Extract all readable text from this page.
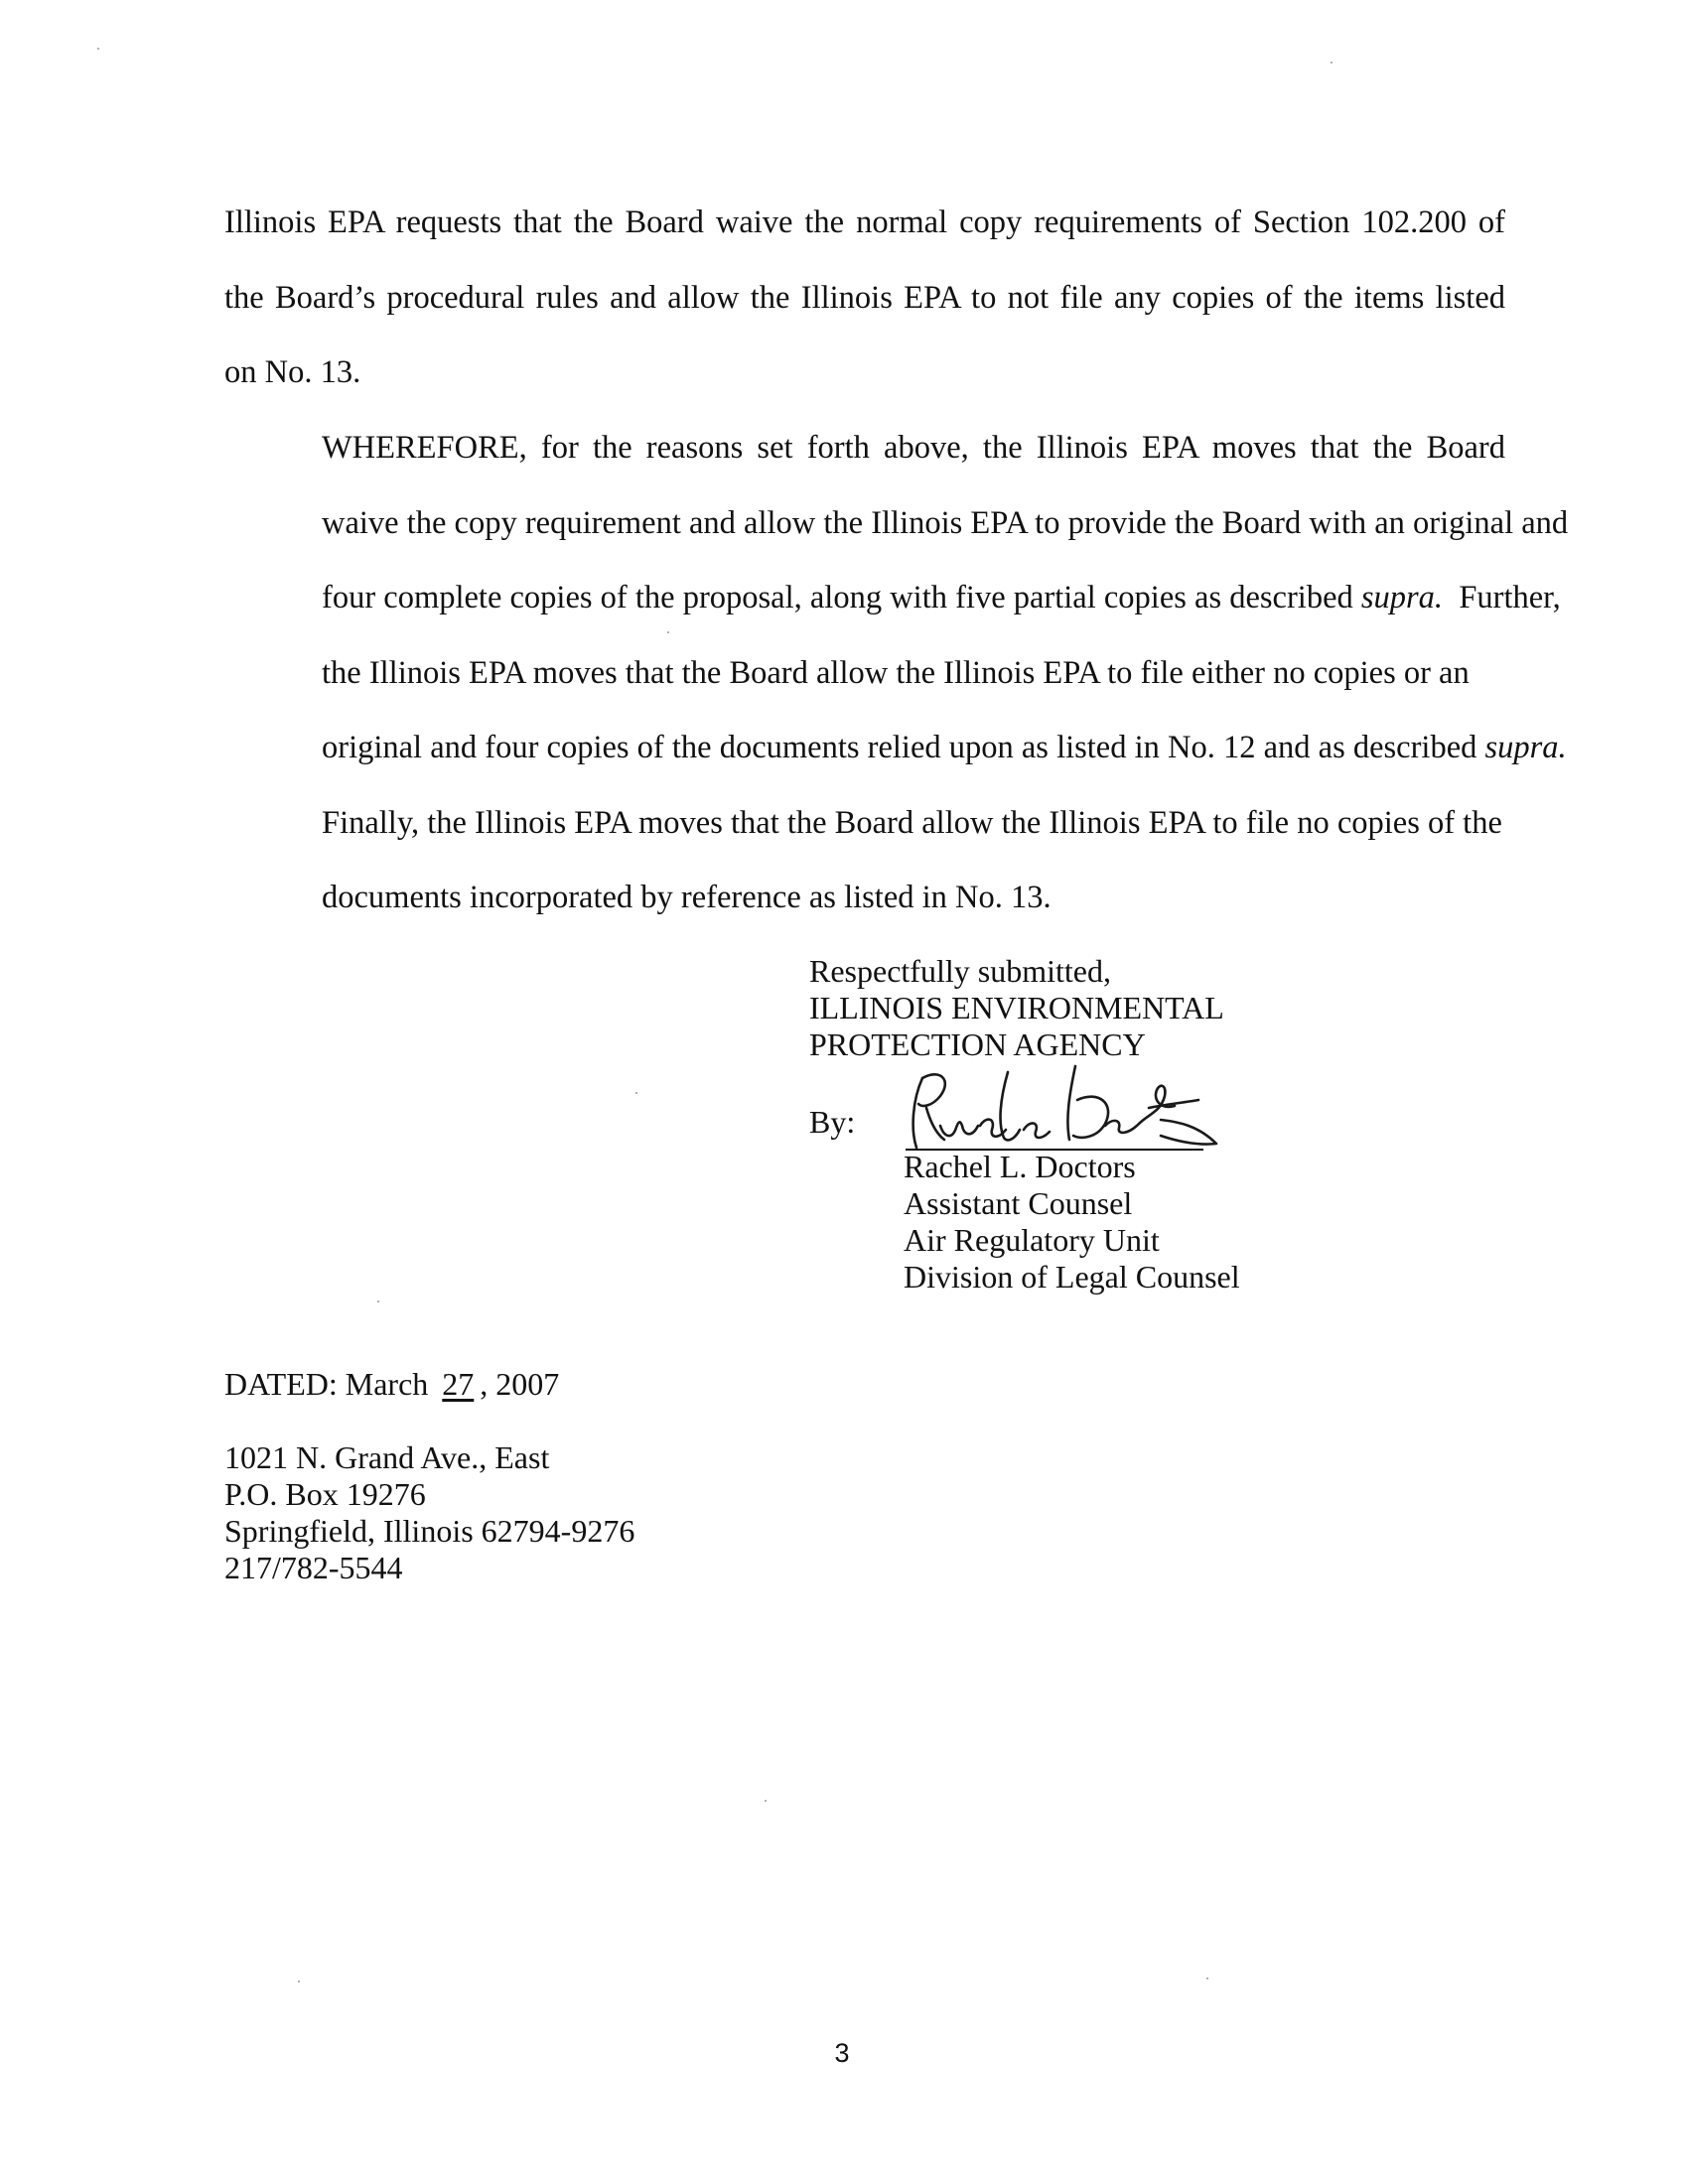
Illinois EPA requests that the Board waive the normal copy requirements of Section 102.200 of
the Board’s procedural rules and allow the Illinois EPA to not file any copies of the items listed
on No. 13.

WHEREFORE, for the reasons set forth above, the Illinois EPA moves that the Board
waive the copy requirement and allow the Illinois EPA to provide the Board with an original and
four complete copies of the proposal, along with five partial copies as described supra. Further,
the Illinois EPA moves that the Board allow the Illinois EPA to file either no copies or an
original and four copies of the documents relied upon as listed in No. 12 and as described supra.
Finally, the Illinois EPA moves that the Board allow the Illinois EPA to file no copies of the
documents incorporated by reference as listed in No. 13.

Respectfully submitted,
ILLINOIS ENVIRONMENTAL
PROTECTION AGENCY
By:
Rachel L. Doctors
Assistant Counsel
Air Regulatory Unit
Division of Legal Counsel
DATED: March 27 , 2007
1021 N. Grand Ave., East
P.O. Box 19276
Springfield, Illinois 62794-9276
217/782-5544
3
